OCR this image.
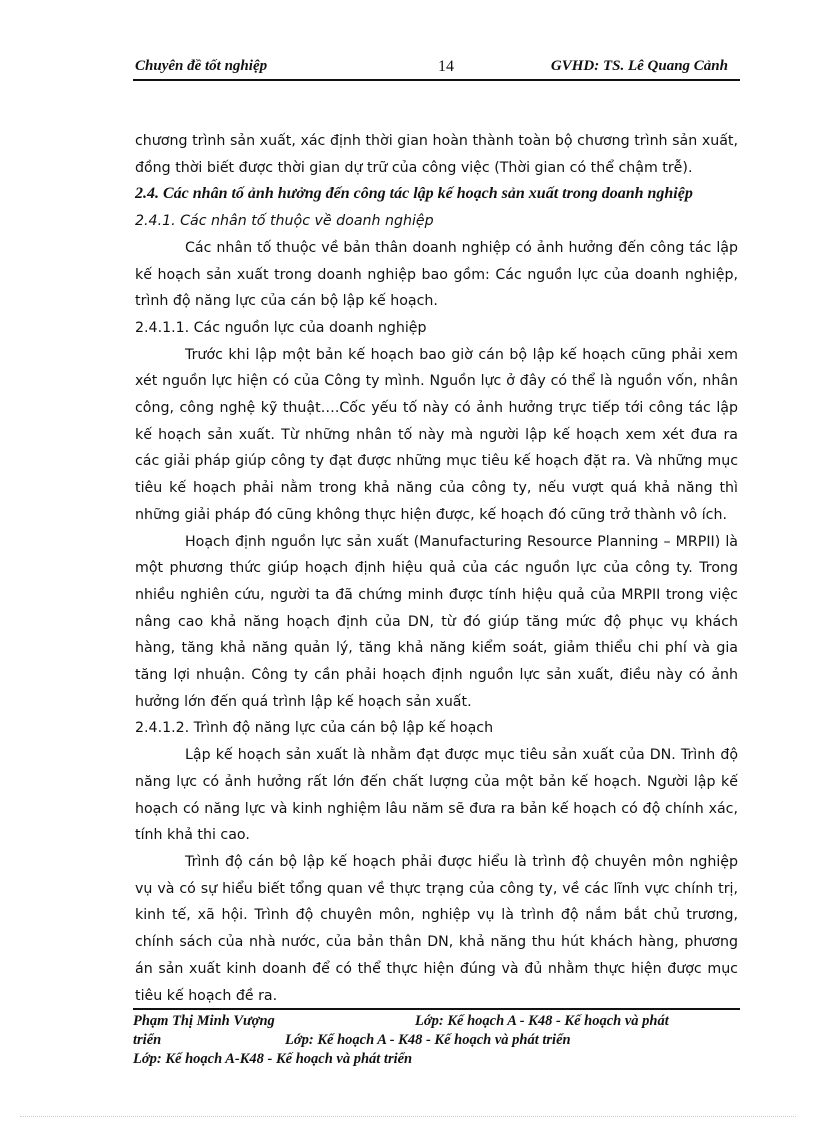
Chuyên đề tốt nghiệp	14	GVHD: TS. Lê Quang Cảnh

chương trình sản xuất, xác định thời gian hoàn thành toàn bộ chương trình sản xuất, đồng thời biết được thời gian dự trữ của công việc (Thời gian có thể chậm trễ).

2.4. Các nhân tố ảnh hưởng đến công tác lập kế hoạch sản xuất trong doanh nghiệp

2.4.1. Các nhân tố thuộc về doanh nghiệp

Các nhân tố thuộc về bản thân doanh nghiệp có ảnh hưởng đến công tác lập kế hoạch sản xuất trong doanh nghiệp bao gồm: Các nguồn lực của doanh nghiệp, trình độ năng lực của cán bộ lập kế hoạch.

2.4.1.1. Các nguồn lực của doanh nghiệp

Trước khi lập một bản kế hoạch bao giờ cán bộ lập kế hoạch cũng phải xem xét nguồn lực hiện có của Công ty mình. Nguồn lực ở đây có thể là nguồn vốn, nhân công, công nghệ kỹ thuật….Cốc yếu tố này có ảnh hưởng trực tiếp tới công tác lập kế hoạch sản xuất. Từ những nhân tố này mà người lập kế hoạch xem xét đưa ra các giải pháp giúp công ty đạt được những mục tiêu kế hoạch đặt ra. Và những mục tiêu kế hoạch phải nằm trong khả năng của công ty, nếu vượt quá khả năng thì những giải pháp đó cũng không thực hiện được, kế hoạch đó cũng trở thành vô ích.

Hoạch định nguồn lực sản xuất (Manufacturing Resource Planning – MRPII) là một phương thức giúp hoạch định hiệu quả của các nguồn lực của công ty. Trong nhiều nghiên cứu, người ta đã chứng minh được tính hiệu quả của MRPII trong việc nâng cao khả năng hoạch định của DN, từ đó giúp tăng mức độ phục vụ khách hàng, tăng khả năng quản lý, tăng khả năng kiểm soát, giảm thiểu chi phí và gia tăng lợi nhuận. Công ty cần phải hoạch định nguồn lực sản xuất, điều này có ảnh hưởng lớn đến quá trình lập kế hoạch sản xuất.

2.4.1.2. Trình độ năng lực của cán bộ lập kế hoạch

Lập kế hoạch sản xuất là nhằm đạt được mục tiêu sản xuất của DN. Trình độ năng lực có ảnh hưởng rất lớn đến chất lượng của một bản kế hoạch. Người lập kế hoạch có năng lực và kinh nghiệm lâu năm sẽ đưa ra bản kế hoạch có độ chính xác, tính khả thi cao.

Trình độ cán bộ lập kế hoạch phải được hiểu là trình độ chuyên môn nghiệp vụ và có sự hiểu biết tổng quan về thực trạng của công ty, về các lĩnh vực chính trị, kinh tế, xã hội. Trình độ chuyên môn, nghiệp vụ là trình độ nắm bắt chủ trương, chính sách của nhà nước, của bản thân DN, khả năng thu hút khách hàng, phương án sản xuất kinh doanh để có thể thực hiện đúng và đủ nhằm thực hiện được mục tiêu kế hoạch đề ra.

Phạm Thị Minh Vượng	Lớp: Kế hoạch A - K48 - Kế hoạch và phát
triển	Lớp: Kế hoạch A - K48 - Kế hoạch và phát triển
Lớp: Kế hoạch A-K48 - Kế hoạch và phát triển
